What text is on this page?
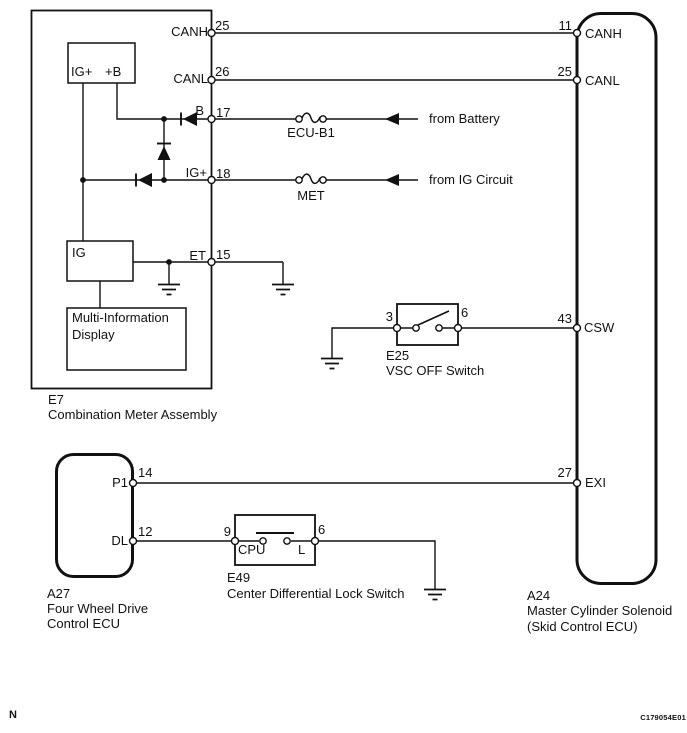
IG+ +B
IG
Multi-Information
Display
CANH 25
CANL 26
B 17
IG+ 18
ET 15
E7
Combination Meter Assembly
ECU-B1
MET
from Battery
from IG Circuit
3	6
E25
VSC OFF Switch
11
CANH
25
CANL
43
CSW
27
EXI
A24
Master Cylinder Solenoid
(Skid Control ECU)
P1
14
DL
12
A27
Four Wheel Drive
Control ECU
9	6
CPU	L
E49
Center Differential Lock Switch
N	C179054E01
